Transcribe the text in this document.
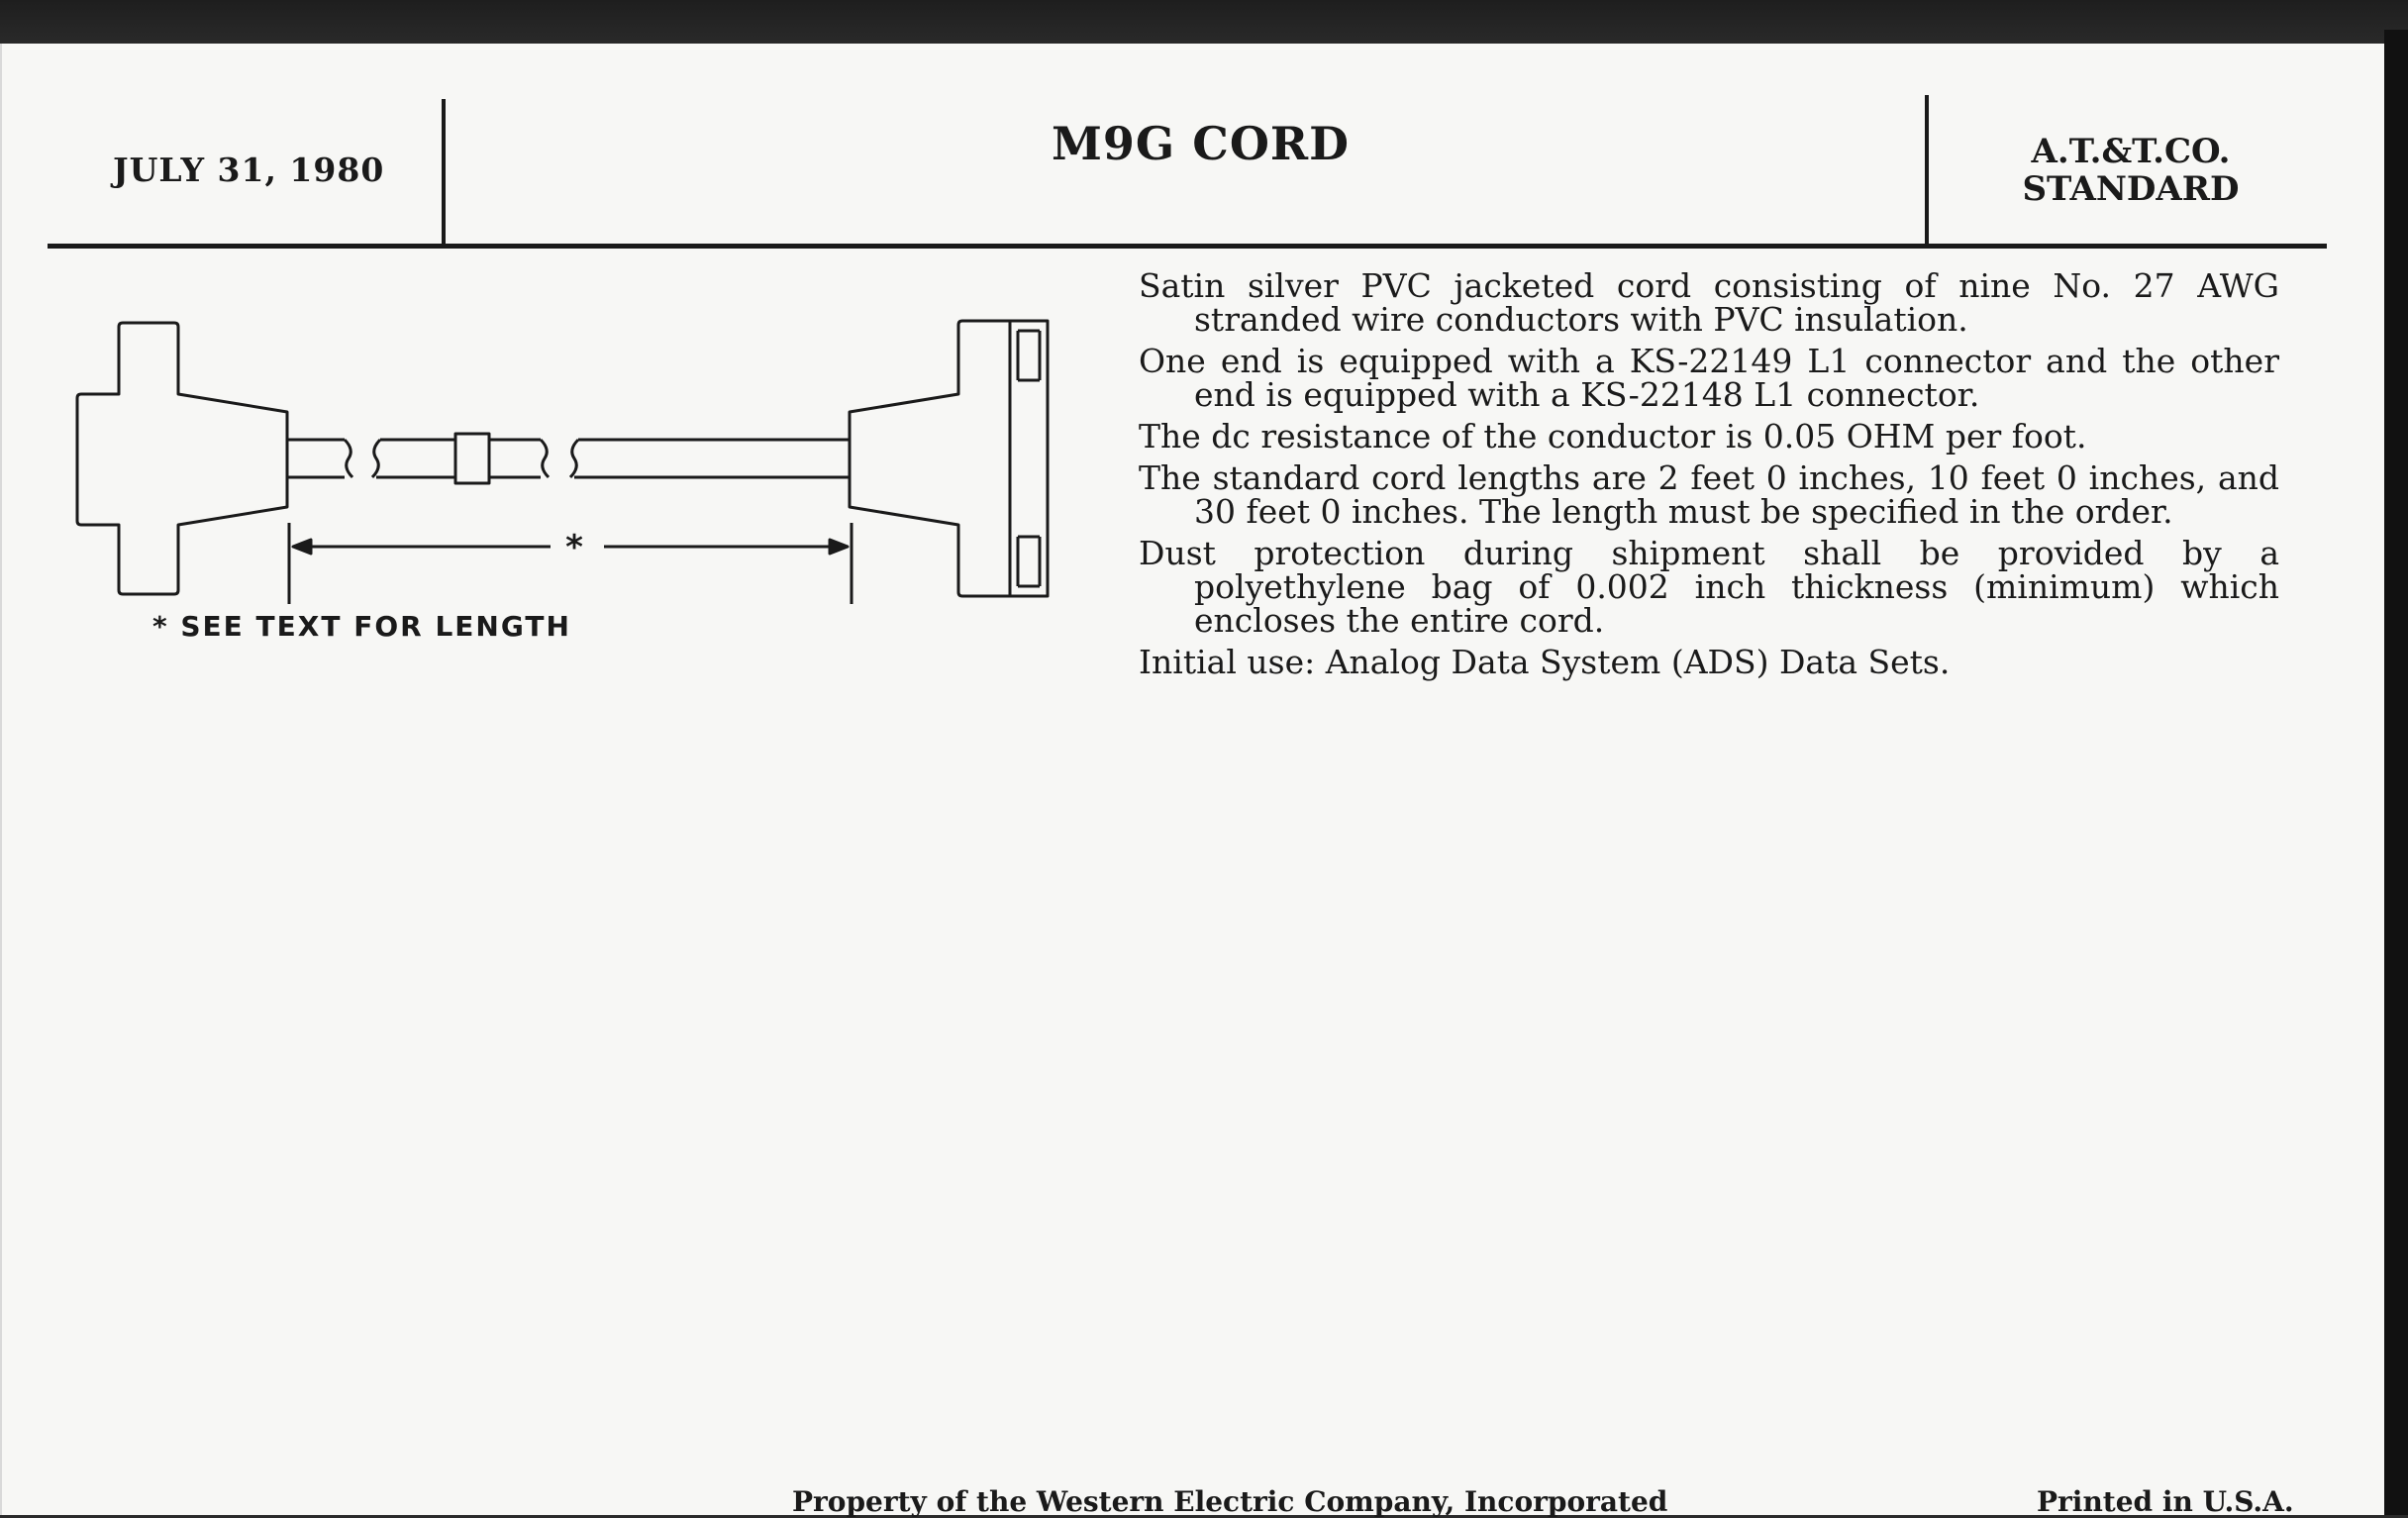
JULY 31, 1980	M9G CORD	A.T.&T.CO.
STANDARD
*
* SEE TEXT FOR LENGTH

Satin silver PVC jacketed cord consisting of nine No. 27 AWG stranded wire conductors with PVC insulation.

One end is equipped with a KS-22149 L1 connector and the other end is equipped with a KS-22148 L1 connector.

The dc resistance of the conductor is 0.05 OHM per foot.

The standard cord lengths are 2 feet 0 inches, 10 feet 0 inches, and 30 feet 0 inches. The length must be specified in the order.

Dust protection during shipment shall be provided by a polyethylene bag of 0.002 inch thickness (minimum) which encloses the entire cord.

Initial use: Analog Data System (ADS) Data Sets.

Property of the Western Electric Company, Incorporated	Printed in U.S.A.
